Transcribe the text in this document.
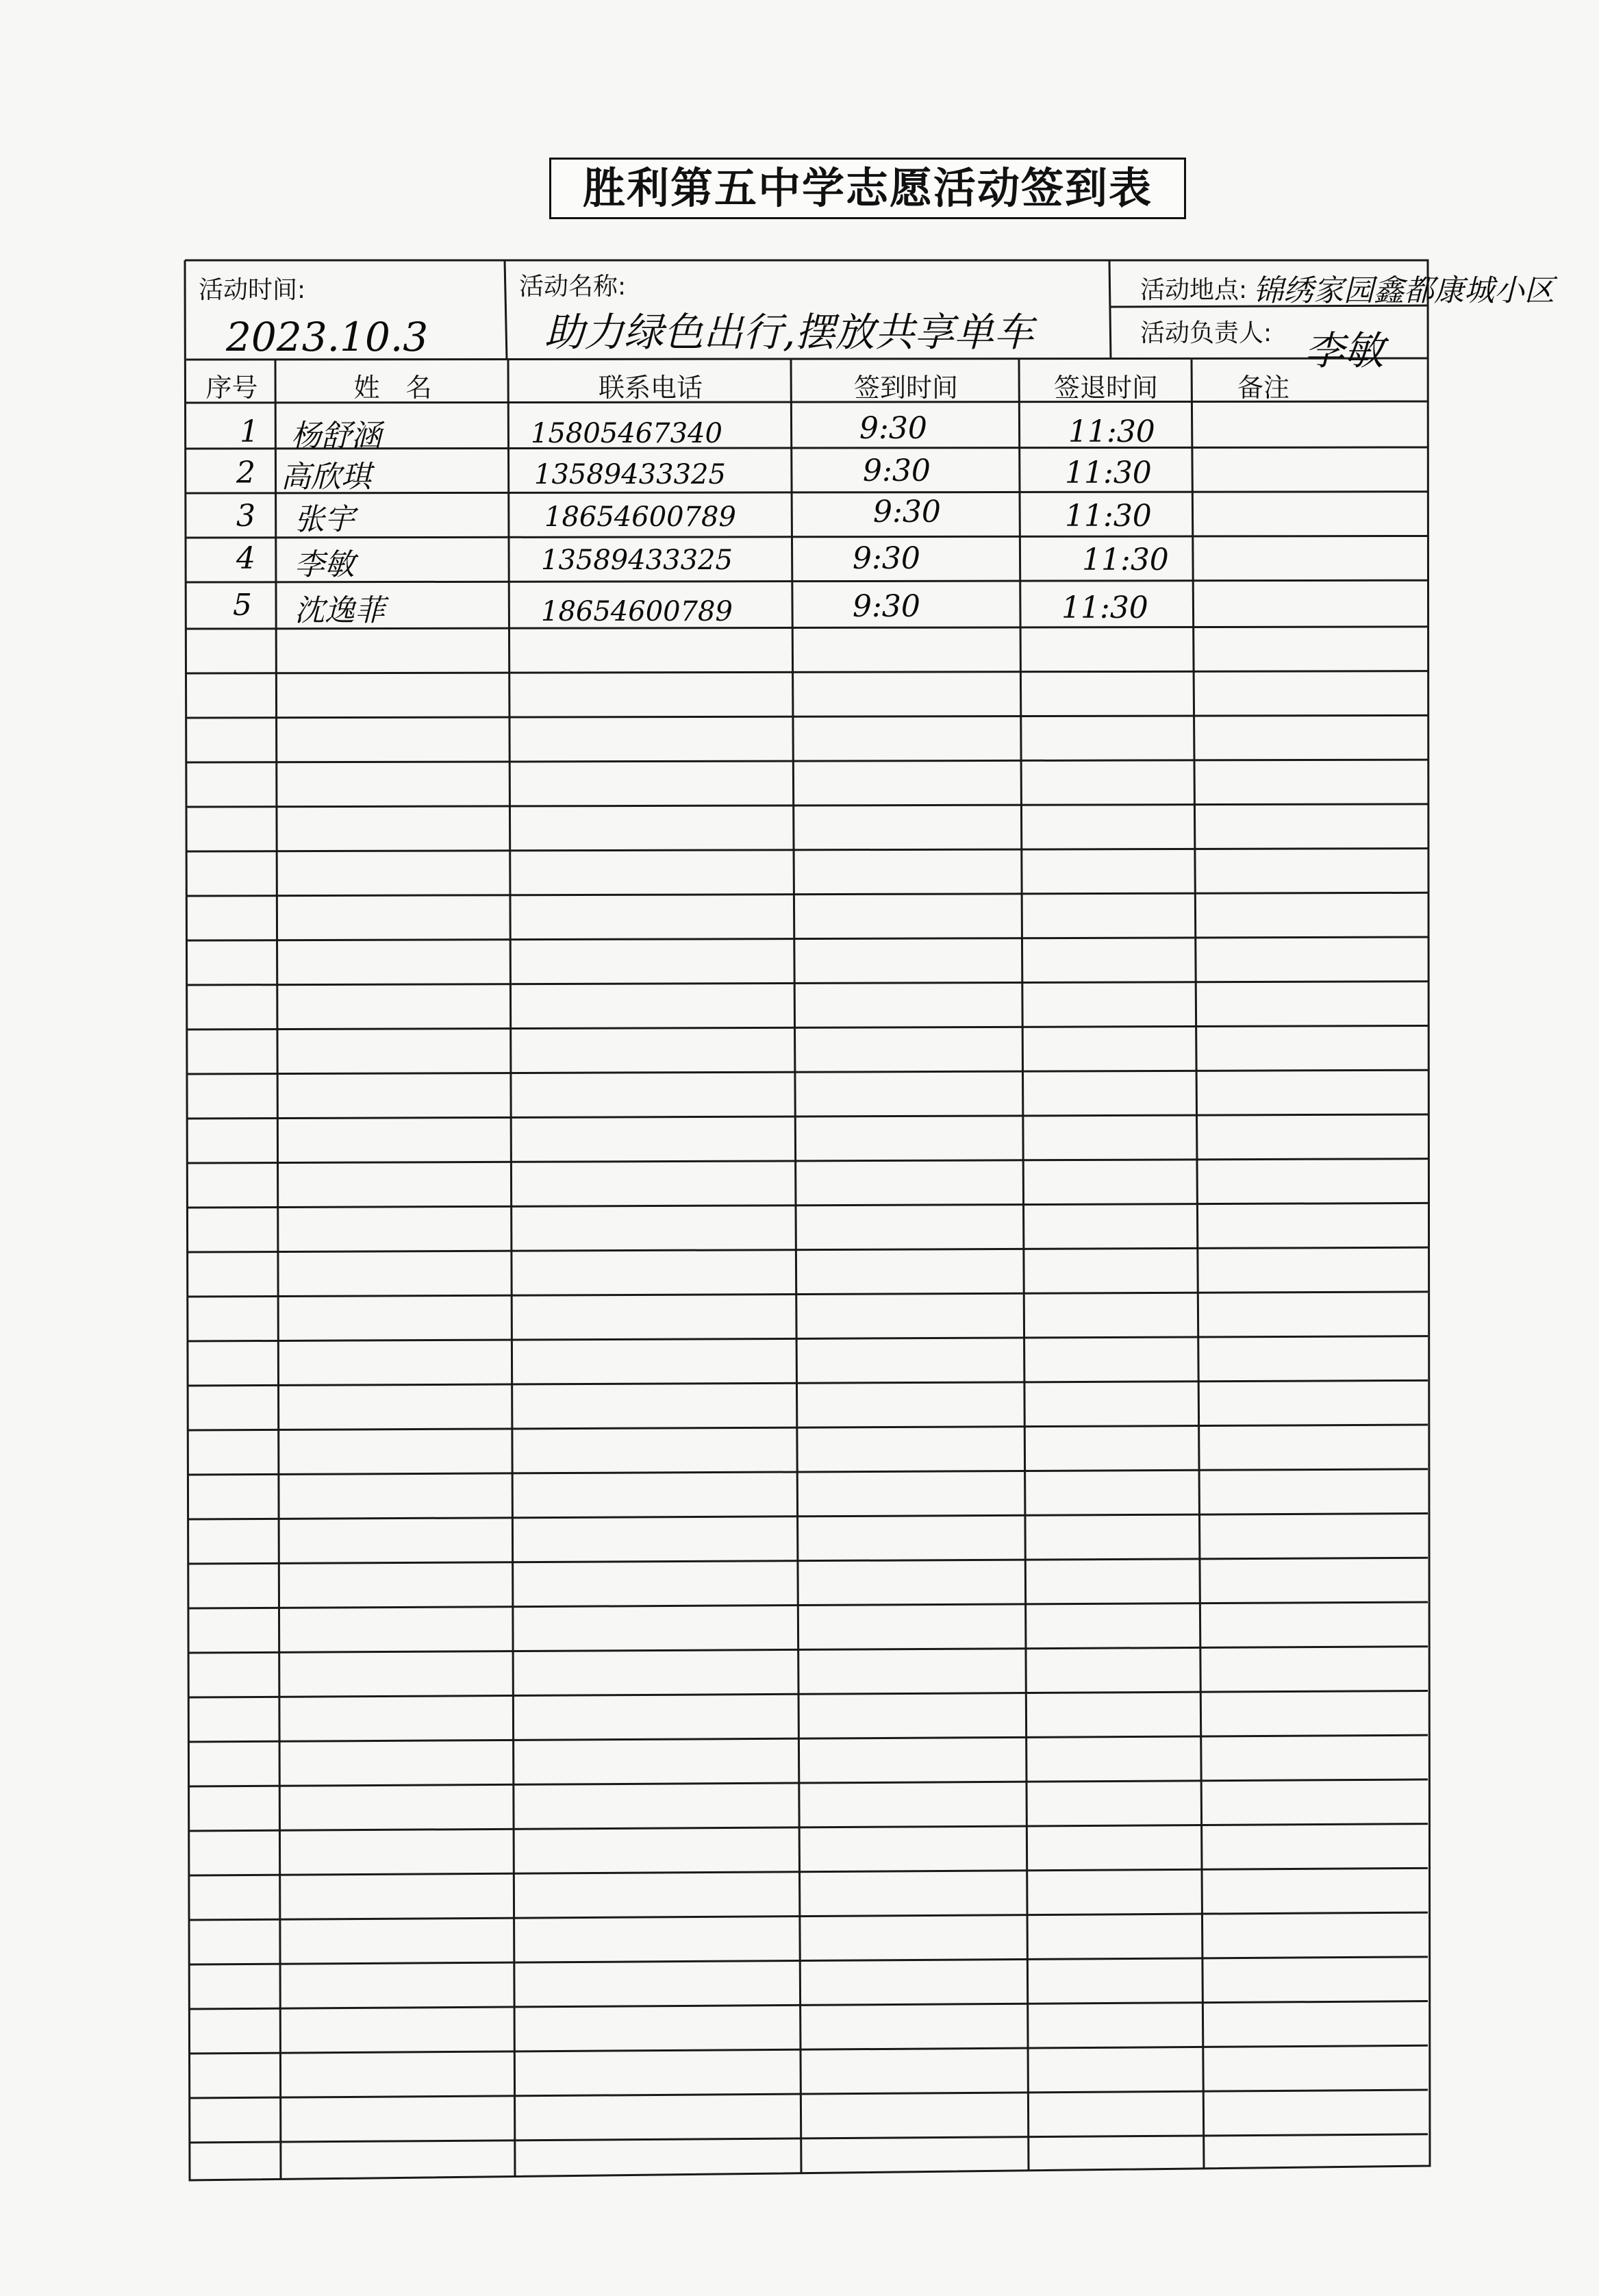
胜利第五中学志愿活动签到表
活动时间:
2023.10.3
活动名称:
助力绿色出行,摆放共享单车
活动地点: 锦绣家园鑫都康城小区
活动负责人: 李敏
序号	姓　名	联系电话	签到时间	签退时间	备注
1 杨舒涵	15805467340	9:30	11:30
2 高欣琪	13589433325	9:30	11:30
3 张宇	18654600789	9:30	11:30
4 李敏	13589433325	9:30	11:30
5 沈逸菲	18654600789	9:30	11:30
